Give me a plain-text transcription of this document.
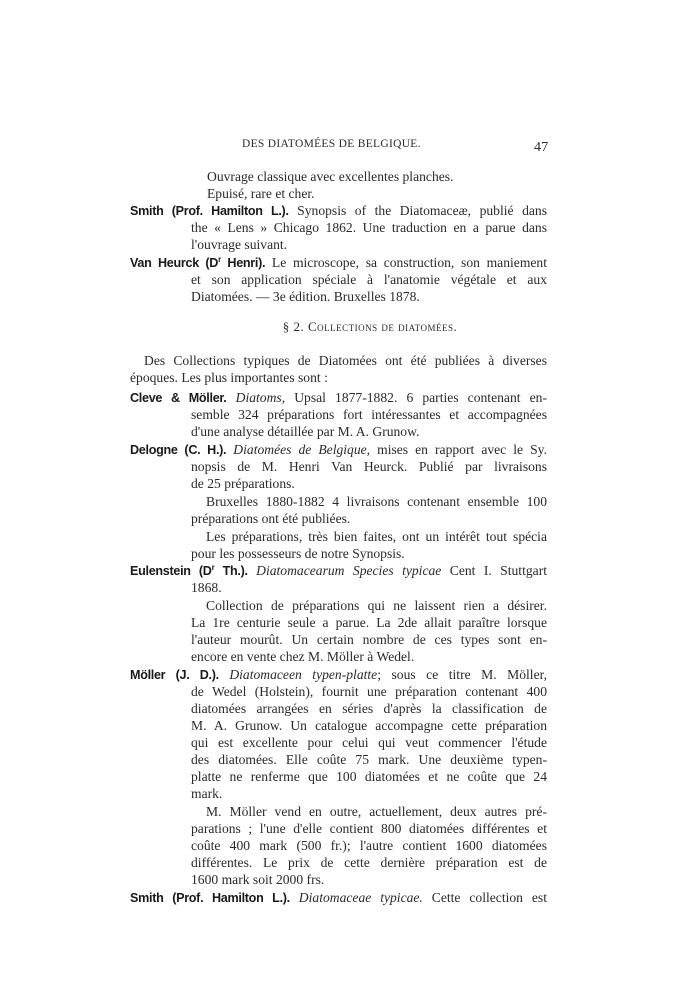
DES DIATOMÉES DE BELGIQUE.	47
Ouvrage classique avec excellentes planches.
Epuisé, rare et cher.
Smith (Prof. Hamilton L.). Synopsis of the Diatomaceæ, publié dans
the « Lens » Chicago 1862. Une traduction en a parue dans
l'ouvrage suivant.
Van Heurck ($D^r$ Henri). Le microscope, sa construction, son maniement
et son application spéciale à l'anatomie végétale et aux
Diatomées. — 3e édition. Bruxelles 1878.
§ 2. Collections de diatomées.
Des Collections typiques de Diatomées ont été publiées à diverses
époques. Les plus importantes sont :
Cleve & Möller. Diatoms, Upsal 1877-1882. 6 parties contenant en-
semble 324 préparations fort intéressantes et accompagnées
d'une analyse détaillée par M. A. Grunow.
Delogne (C. H.). Diatomées de Belgique, mises en rapport avec le Sy.
nopsis de M. Henri Van Heurck. Publié par livraisons
de 25 préparations.
Bruxelles 1880-1882 4 livraisons contenant ensemble 100
préparations ont été publiées.
Les préparations, très bien faites, ont un intérêt tout spécia
pour les possesseurs de notre Synopsis.
Eulenstein ($D^r$ Th.). Diatomacearum Species typicae Cent I. Stuttgart
1868.
Collection de préparations qui ne laissent rien a désirer.
La 1re centurie seule a parue. La 2de allait paraître lorsque
l'auteur mourût. Un certain nombre de ces types sont en-
encore en vente chez M. Möller à Wedel.
Möller (J. D.). Diatomaceen typen-platte; sous ce titre M. Möller,
de Wedel (Holstein), fournit une préparation contenant 400
diatomées arrangées en séries d'après la classification de
M. A. Grunow. Un catalogue accompagne cette préparation
qui est excellente pour celui qui veut commencer l'étude
des diatomées. Elle coûte 75 mark. Une deuxième typen-
platte ne renferme que 100 diatomées et ne coûte que 24
mark.
M. Möller vend en outre, actuellement, deux autres pré-
parations ; l'une d'elle contient 800 diatomées différentes et
coûte 400 mark (500 fr.); l'autre contient 1600 diatomées
différentes. Le prix de cette dernière préparation est de
1600 mark soit 2000 frs.
Smith (Prof. Hamilton L.). Diatomaceae typicae. Cette collection est
